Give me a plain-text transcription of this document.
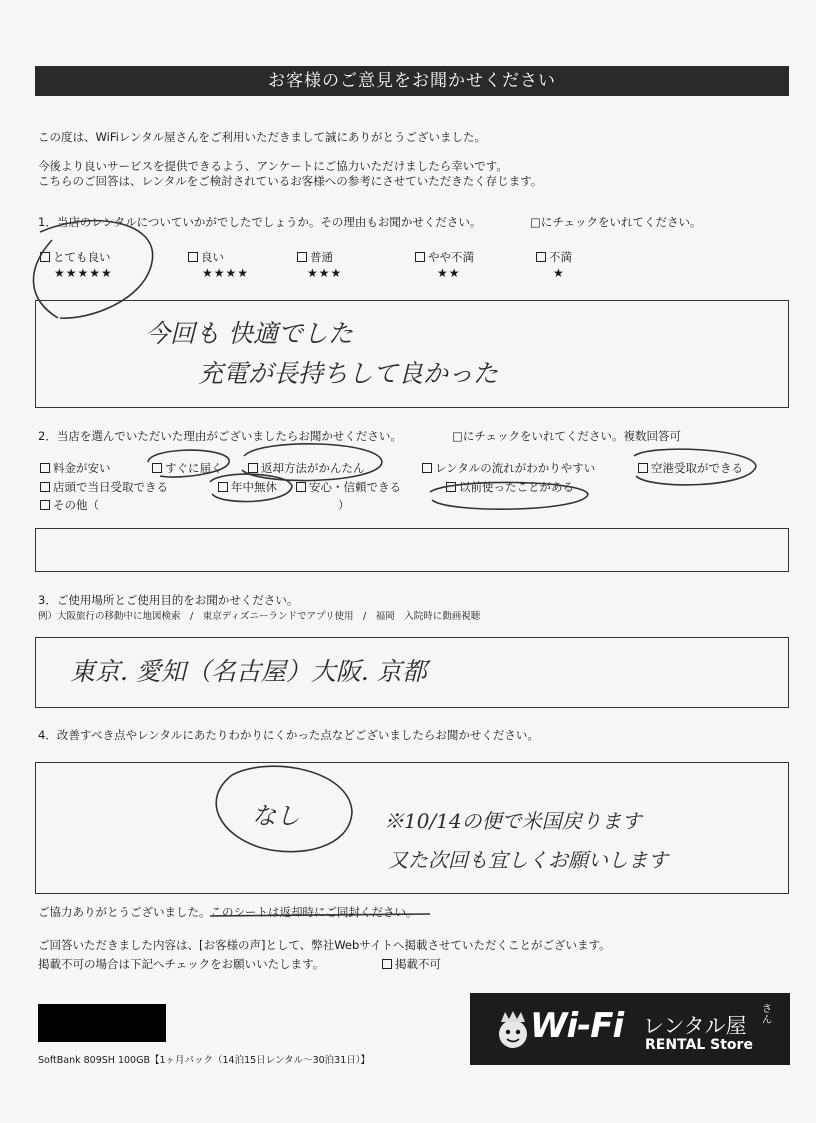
お客様のご意見をお聞かせください
この度は、WiFiレンタル屋さんをご利用いただきまして誠にありがとうございました。
今後より良いサービスを提供できるよう、アンケートにご協力いただけましたら幸いです。
こちらのご回答は、レンタルをご検討されているお客様への参考にさせていただきたく存じます。
1．当店のレンタルについていかがでしたでしょうか。その理由もお聞かせください。	□にチェックをいれてください。
とても良い
★★★★★
良い
★★★★
普通
★★★
やや不満
★★
不満
★
今回も 快適でした
充電が長持ちして良かった
2．当店を選んでいただいた理由がございましたらお聞かせください。	□にチェックをいれてください。複数回答可
料金が安い	すぐに届く	返却方法がかんたん	レンタルの流れがわかりやすい	空港受取ができる
店頭で当日受取できる	年中無休	安心・信頼できる	以前使ったことがある
その他（	）
3．ご使用場所とご使用目的をお聞かせください。
例）大阪旅行の移動中に地図検索　/　東京ディズニーランドでアプリ使用　/　福岡　入院時に動画視聴
東京. 愛知（名古屋）大阪. 京都
4．改善すべき点やレンタルにあたりわかりにくかった点などございましたらお聞かせください。
なし	※10/14の便で米国戻ります
又た次回も宜しくお願いします
ご協力ありがとうございました。このシートは返却時にご同封ください。
ご回答いただきました内容は、[お客様の声]として、弊社Webサイトへ掲載させていただくことがございます。
掲載不可の場合は下記へチェックをお願いいたします。	掲載不可
SoftBank 809SH 100GB【1ヶ月パック（14泊15日レンタル～30泊31日）】
Wi-Fi レンタル屋
さん
RENTAL Store
